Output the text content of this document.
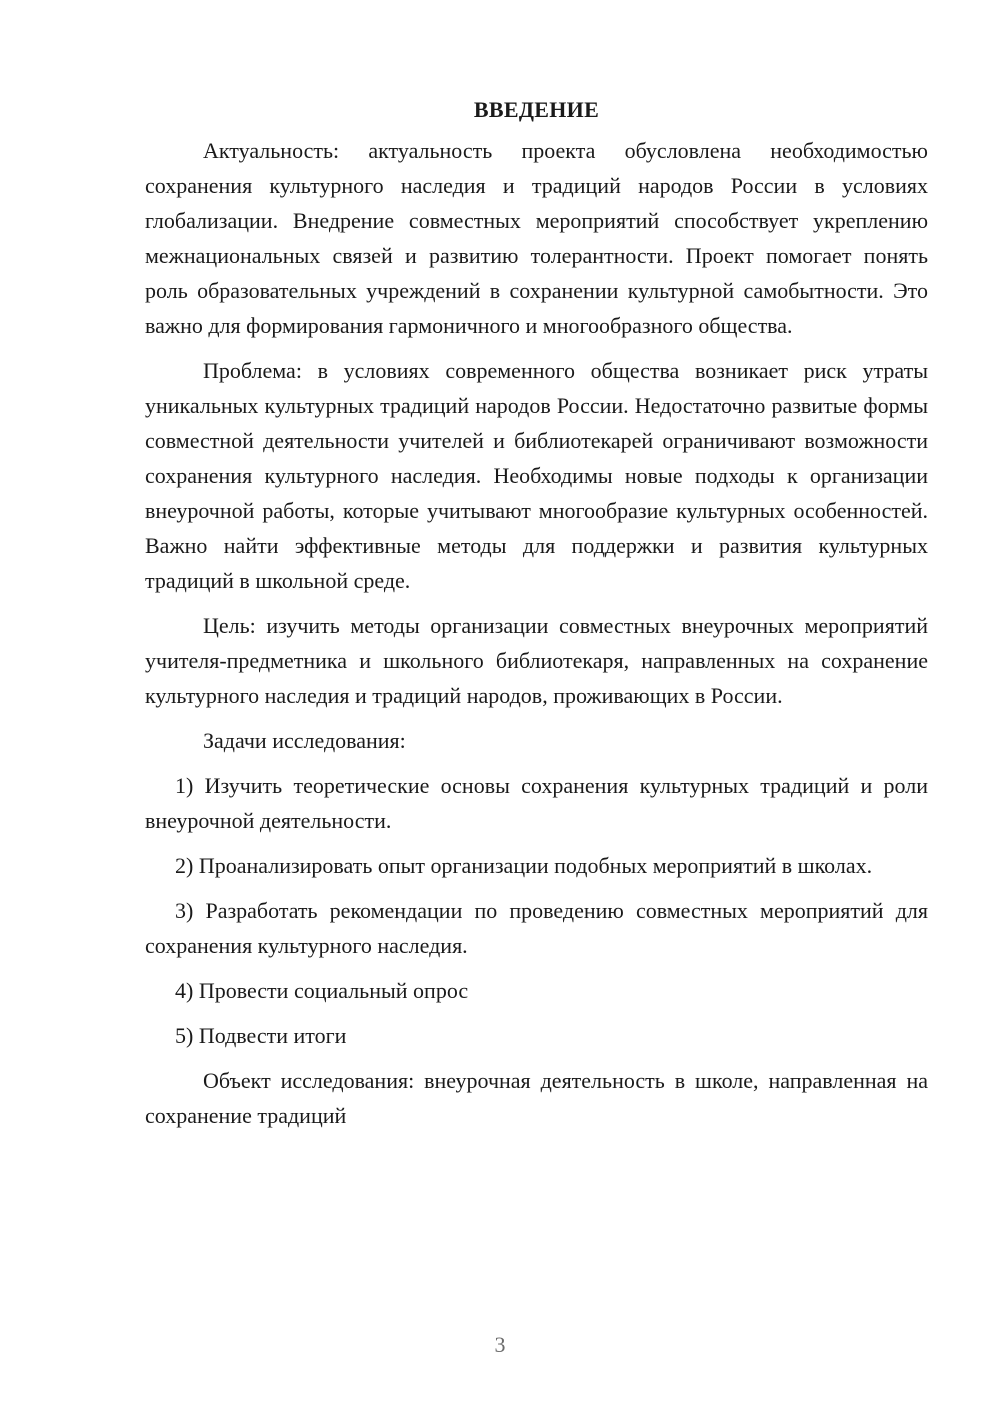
ВВЕДЕНИЕ

Актуальность: актуальность проекта обусловлена необходимостью сохранения культурного наследия и традиций народов России в условиях глобализации. Внедрение совместных мероприятий способствует укреплению межнациональных связей и развитию толерантности. Проект помогает понять роль образовательных учреждений в сохранении культурной самобытности. Это важно для формирования гармоничного и многообразного общества.

Проблема: в условиях современного общества возникает риск утраты уникальных культурных традиций народов России. Недостаточно развитые формы совместной деятельности учителей и библиотекарей ограничивают возможности сохранения культурного наследия. Необходимы новые подходы к организации внеурочной работы, которые учитывают многообразие культурных особенностей. Важно найти эффективные методы для поддержки и развития культурных традиций в школьной среде.

Цель: изучить методы организации совместных внеурочных мероприятий учителя-предметника и школьного библиотекаря, направленных на сохранение культурного наследия и традиций народов, проживающих в России.

Задачи исследования:

1) Изучить теоретические основы сохранения культурных традиций и роли внеурочной деятельности.

2) Проанализировать опыт организации подобных мероприятий в школах.

3) Разработать рекомендации по проведению совместных мероприятий для сохранения культурного наследия.

4) Провести социальный опрос

5) Подвести итоги

Объект исследования: внеурочная деятельность в школе, направленная на сохранение традиций

3
